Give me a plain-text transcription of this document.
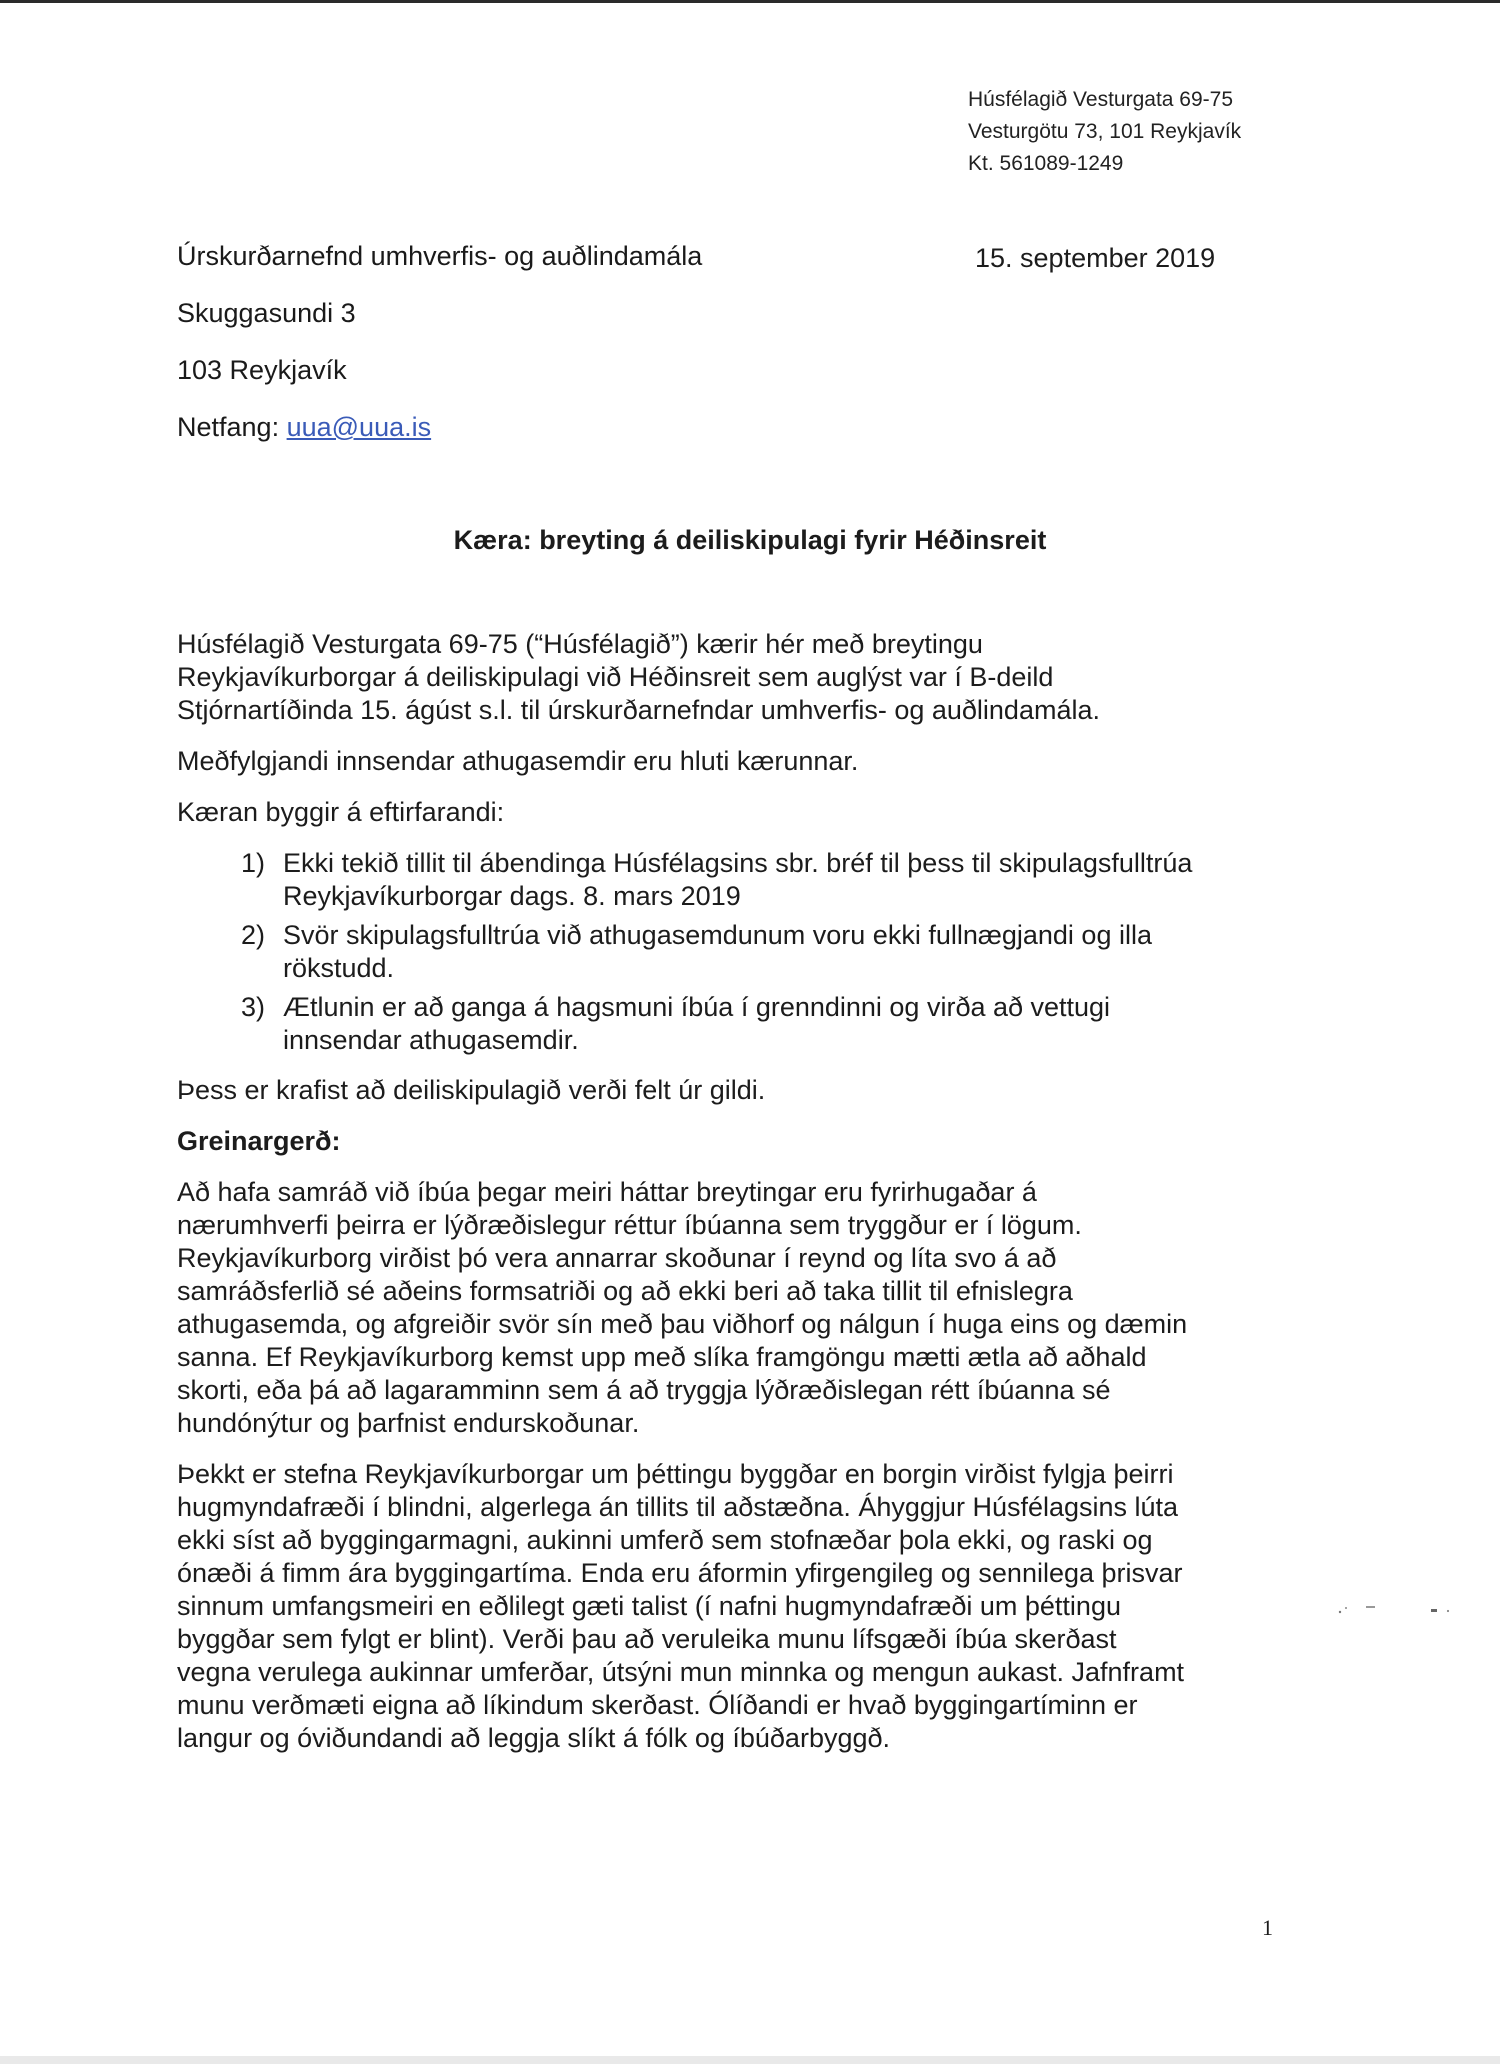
Húsfélagið Vesturgata 69-75
Vesturgötu 73, 101 Reykjavík
Kt. 561089-1249
Úrskurðarnefnd umhverfis- og auðlindamála
Skuggasundi 3
103 Reykjavík
Netfang: uua@uua.is
15. september 2019
Kæra: breyting á deiliskipulagi fyrir Héðinsreit

Húsfélagið Vesturgata 69-75 (“Húsfélagið”) kærir hér með breytingu
Reykjavíkurborgar á deiliskipulagi við Héðinsreit sem auglýst var í B-deild
Stjórnartíðinda 15. ágúst s.l. til úrskurðarnefndar umhverfis- og auðlindamála.

Meðfylgjandi innsendar athugasemdir eru hluti kærunnar.

Kæran byggir á eftirfarandi:

1) Ekki tekið tillit til ábendinga Húsfélagsins sbr. bréf til þess til skipulagsfulltrúa
Reykjavíkurborgar dags. 8. mars 2019
2) Svör skipulagsfulltrúa við athugasemdunum voru ekki fullnægjandi og illa
rökstudd.
3) Ætlunin er að ganga á hagsmuni íbúa í grenndinni og virða að vettugi
innsendar athugasemdir.

Þess er krafist að deiliskipulagið verði felt úr gildi.

Greinargerð:

Að hafa samráð við íbúa þegar meiri háttar breytingar eru fyrirhugaðar á
nærumhverfi þeirra er lýðræðislegur réttur íbúanna sem tryggður er í lögum.
Reykjavíkurborg virðist þó vera annarrar skoðunar í reynd og líta svo á að
samráðsferlið sé aðeins formsatriði og að ekki beri að taka tillit til efnislegra
athugasemda, og afgreiðir svör sín með þau viðhorf og nálgun í huga eins og dæmin
sanna. Ef Reykjavíkurborg kemst upp með slíka framgöngu mætti ætla að aðhald
skorti, eða þá að lagaramminn sem á að tryggja lýðræðislegan rétt íbúanna sé
hundónýtur og þarfnist endurskoðunar.

Þekkt er stefna Reykjavíkurborgar um þéttingu byggðar en borgin virðist fylgja þeirri
hugmyndafræði í blindni, algerlega án tillits til aðstæðna. Áhyggjur Húsfélagsins lúta
ekki síst að byggingarmagni, aukinni umferð sem stofnæðar þola ekki, og raski og
ónæði á fimm ára byggingartíma. Enda eru áformin yfirgengileg og sennilega þrisvar
sinnum umfangsmeiri en eðlilegt gæti talist (í nafni hugmyndafræði um þéttingu
byggðar sem fylgt er blint). Verði þau að veruleika munu lífsgæði íbúa skerðast
vegna verulega aukinnar umferðar, útsýni mun minnka og mengun aukast. Jafnframt
munu verðmæti eigna að líkindum skerðast. Ólíðandi er hvað byggingartíminn er
langur og óviðundandi að leggja slíkt á fólk og íbúðarbyggð.

1
